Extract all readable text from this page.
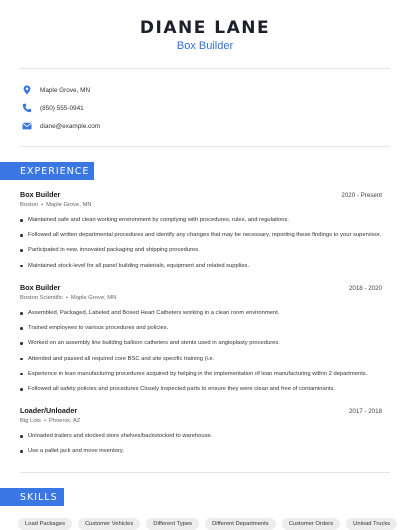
DIANE LANE
Box Builder
Maple Grove, MN
(850) 555-0941
diane@example.com
EXPERIENCE
Box Builder	2020 - Present
Boston • Maple Grove, MN
Maintained safe and clean working environment by complying with procedures, rules, and regulations.
Followed all written departmental procedures and identify any changes that may be necessary, reporting these findings to your supervisor.
Participated in new, innovated packaging and shipping procedures.
Maintained stock-level for all panel building materials, equipment and related supplies.
Box Builder	2018 - 2020
Boston Scientific • Maple Grove, MN
Assembled, Packaged, Labeled and Boxed Heart Catheters working in a clean room environment.
Trained employees to various procedures and policies.
Worked on an assembly line building balloon catheters and stents used in angioplasty procedures.
Attended and passed all required core BSC and site specific training (i.e.
Experience in lean manufacturing procedures acquired by helping in the implementation of lean manufacturing within 2 departments.
Followed all safety policies and procedures Closely inspected parts to ensure they were clean and free of contaminants.
Loader/Unloader	2017 - 2018
Big Lots • Phoenix, AZ
Unloaded trailers and stocked store shelves/backstocked to warehouse.
Use a pallet jack and move inventory.
SKILLS
Load Packages	Customer Vehicles	Different Types	Different Departments	Customer Orders	Unload Trucks
